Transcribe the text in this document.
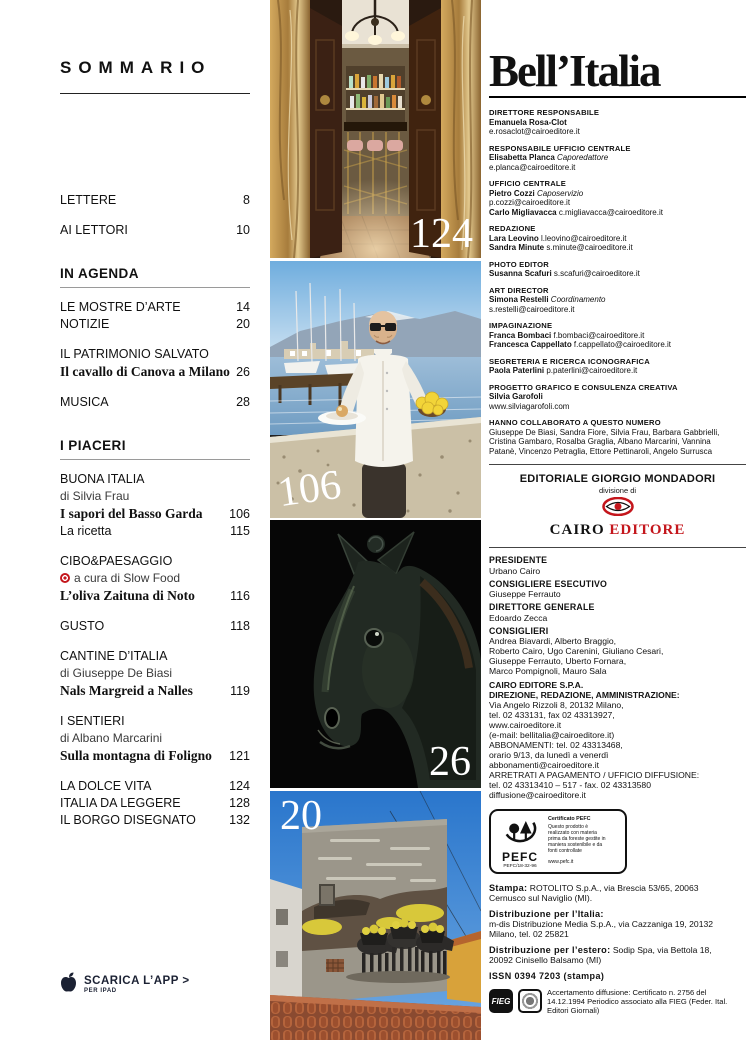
SOMMARIO
LETTERE	8
AI LETTORI	10
IN AGENDA
LE MOSTRE D’ARTE	14
NOTIZIE	20
IL PATRIMONIO SALVATO
Il cavallo di Canova a Milano 26
MUSICA	28
I PIACERI
BUONA ITALIA
di Silvia Frau
I sapori del Basso Garda 106
La ricetta	115
CIBO&PAESAGGIO
a cura di Slow Food
L’oliva Zaituna di Noto	116
GUSTO	118
CANTINE D’ITALIA
di Giuseppe De Biasi
Nals Margreid a Nalles	119
I SENTIERI
di Albano Marcarini
Sulla montagna di Foligno 121
LA DOLCE VITA	124
ITALIA DA LEGGERE	128
IL BORGO DISEGNATO	132
SCARICA L’APP >
PER IPAD
124
106
26
20
Bell’Italia
DIRETTORE RESPONSABILE
Emanuela Rosa-Clot
e.rosaclot@cairoeditore.it
RESPONSABILE UFFICIO CENTRALE
Elisabetta Planca Caporedattore
e.planca@cairoeditore.it
UFFICIO CENTRALE
Pietro Cozzi Caposervizio
p.cozzi@cairoeditore.it
Carlo Migliavacca c.migliavacca@cairoeditore.it
REDAZIONE
Lara Leovino l.leovino@cairoeditore.it
Sandra Minute s.minute@cairoeditore.it
PHOTO EDITOR
Susanna Scafuri s.scafuri@cairoeditore.it
ART DIRECTOR
Simona Restelli Coordinamento
s.restelli@cairoeditore.it
IMPAGINAZIONE
Franca Bombaci f.bombaci@cairoeditore.it
Francesca Cappellato f.cappellato@cairoeditore.it
SEGRETERIA E RICERCA ICONOGRAFICA
Paola Paterlini p.paterlini@cairoeditore.it
PROGETTO GRAFICO E CONSULENZA CREATIVA
Silvia Garofoli
www.silviagarofoli.com
HANNO COLLABORATO A QUESTO NUMERO
Giuseppe De Biasi, Sandra Fiore, Silvia Frau, Barbara Gabbrielli,
Cristina Gambaro, Rosalba Graglia, Albano Marcarini, Vannina
Patanè, Vincenzo Petraglia, Ettore Pettinaroli, Angelo Surrusca
EDITORIALE GIORGIO MONDADORI
divisione di
CAIRO EDITORE
PRESIDENTE
Urbano Cairo
CONSIGLIERE ESECUTIVO
Giuseppe Ferrauto
DIRETTORE GENERALE
Edoardo Zecca
CONSIGLIERI
Andrea Biavardi, Alberto Braggio,
Roberto Cairo, Ugo Carenini, Giuliano Cesari,
Giuseppe Ferrauto, Uberto Fornara,
Marco Pompignoli, Mauro Sala
CAIRO EDITORE S.P.A.
DIREZIONE, REDAZIONE, AMMINISTRAZIONE:
Via Angelo Rizzoli 8, 20132 Milano,
tel. 02 433131, fax 02 43313927,
www.cairoeditore.it
(e-mail: bellitalia@cairoeditore.it)
ABBONAMENTI: tel. 02 43313468,
orario 9/13, da lunedì a venerdì
abbonamenti@cairoeditore.it
ARRETRATI A PAGAMENTO / UFFICIO DIFFUSIONE:
tel. 02 43313410 – 517 - fax. 02 43313580
diffusione@cairoeditore.it
PEFC
PEFC/18-32-96
Certificato PEFC
Questo prodotto è realizzato con materia prima da foreste gestite in maniera sostenibile e da fonti controllate
www.pefc.it

Stampa: ROTOLITO S.p.A., via Brescia 53/65, 20063 Cernusco sul Naviglio (MI).

Distribuzione per l’Italia:
m-dis Distribuzione Media S.p.A., via Cazzaniga 19, 20132 Milano, tel. 02 25821

Distribuzione per l’estero: Sodip Spa, via Bettola 18, 20092 Cinisello Balsamo (MI)

ISSN 0394 7203 (stampa)
FIEG
Accertamento diffusione: Certificato n. 2756 del 14.12.1994 Periodico associato alla FIEG (Feder. Ital. Editori Giornali)
